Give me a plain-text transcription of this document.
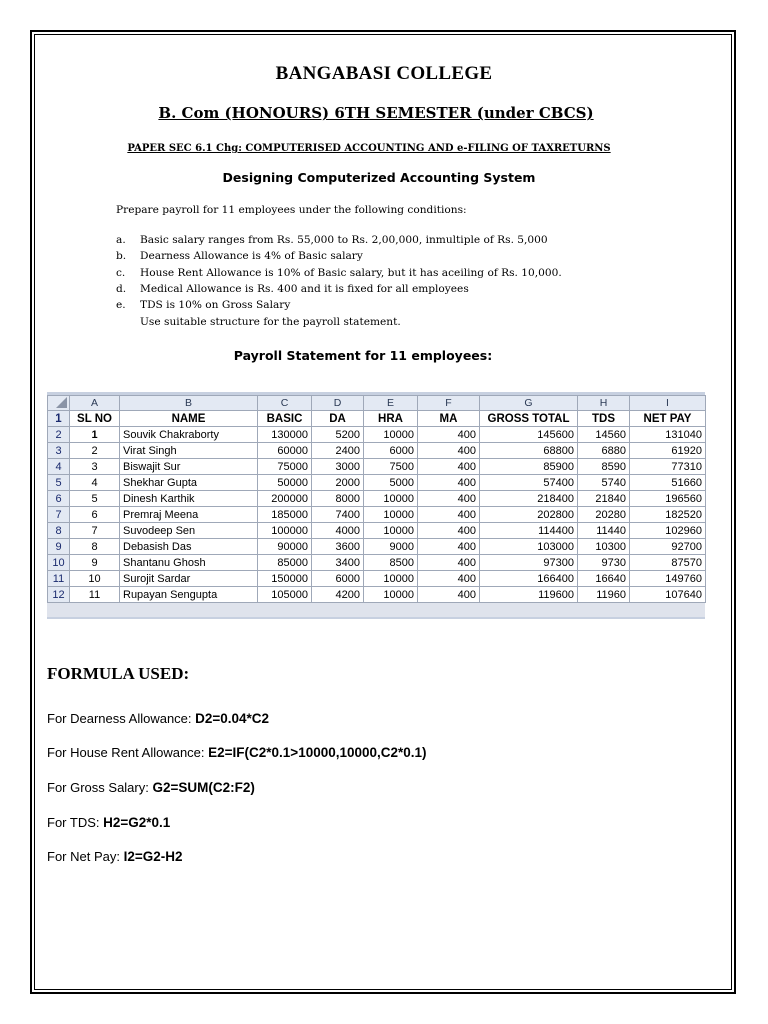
BANGABASI COLLEGE
B. Com (HONOURS) 6TH SEMESTER (under CBCS)
PAPER SEC 6.1 Chg: COMPUTERISED ACCOUNTING AND e-FILING OF TAXRETURNS
Designing Computerized Accounting System
Prepare payroll for 11 employees under the following conditions:
a. Basic salary ranges from Rs. 55,000 to Rs. 2,00,000, inmultiple of Rs. 5,000
b. Dearness Allowance is 4% of Basic salary
c. House Rent Allowance is 10% of Basic salary, but it has aceiling of Rs. 10,000.
d. Medical Allowance is Rs. 400 and it is fixed for all employees
e. TDS is 10% on Gross Salary
Use suitable structure for the payroll statement.
Payroll Statement for 11 employees:
	A	B	C	D	E	F	G	H	I
1	SL NO	NAME	BASIC	DA	HRA	MA	GROSS TOTAL	TDS	NET PAY
2	1	Souvik Chakraborty	130000	5200	10000	400	145600	14560	131040
3	2	Virat Singh	60000	2400	6000	400	68800	6880	61920
4	3	Biswajit Sur	75000	3000	7500	400	85900	8590	77310
5	4	Shekhar Gupta	50000	2000	5000	400	57400	5740	51660
6	5	Dinesh Karthik	200000	8000	10000	400	218400	21840	196560
7	6	Premraj Meena	185000	7400	10000	400	202800	20280	182520
8	7	Suvodeep Sen	100000	4000	10000	400	114400	11440	102960
9	8	Debasish Das	90000	3600	9000	400	103000	10300	92700
10	9	Shantanu Ghosh	85000	3400	8500	400	97300	9730	87570
11	10	Surojit Sardar	150000	6000	10000	400	166400	16640	149760
12	11	Rupayan Sengupta	105000	4200	10000	400	119600	11960	107640
FORMULA USED:
For Dearness Allowance: D2=0.04*C2
For House Rent Allowance: E2=IF(C2*0.1>10000,10000,C2*0.1)
For Gross Salary: G2=SUM(C2:F2)
For TDS: H2=G2*0.1
For Net Pay: I2=G2-H2
